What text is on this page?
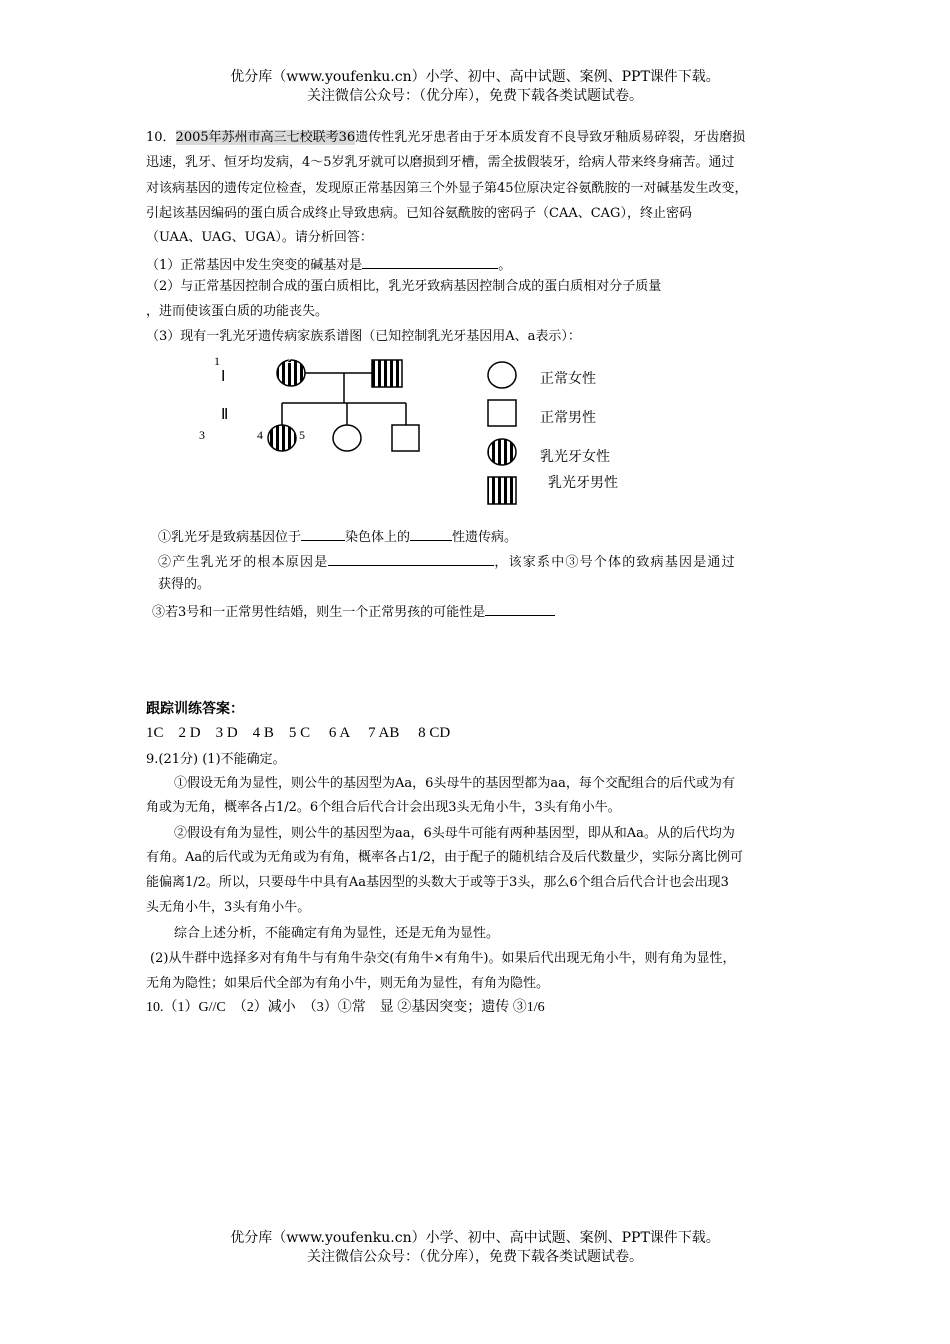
优分库（www.youfenku.cn）小学、初中、高中试题、案例、PPT课件下载。
关注微信公众号：（优分库），免费下载各类试题试卷。
10．2005年苏州市高三七校联考36遗传性乳光牙患者由于牙本质发育不良导致牙釉质易碎裂，牙齿磨损
迅速，乳牙、恒牙均发病，4～5岁乳牙就可以磨损到牙槽，需全拔假装牙，给病人带来终身痛苦。通过
对该病基因的遗传定位检查，发现原正常基因第三个外显子第45位原决定谷氨酰胺的一对碱基发生改变，
引起该基因编码的蛋白质合成终止导致患病。已知谷氨酰胺的密码子（CAA、CAG），终止密码
（UAA、UAG、UGA）。请分析回答：
（1）正常基因中发生突变的碱基对是	。
（2）与正常基因控制合成的蛋白质相比，乳光牙致病基因控制合成的蛋白质相对分子质量
，进而使该蛋白质的功能丧失。
（3）现有一乳光牙遗传病家族系谱图（已知控制乳光牙基因用A、a表示）：
1	2
Ⅰ
Ⅱ
3	4	5
正常女性
正常男性
乳光牙女性
乳光牙男性
①乳光牙是致病基因位于	染色体上的	性遗传病。
②产生乳光牙的根本原因是	，该家系中③号个体的致病基因是通过
获得的。
③若3号和一正常男性结婚，则生一个正常男孩的可能性是
跟踪训练答案：
1C　2 D　3 D　4 B　5 C　 6 A　 7 AB　 8 CD
9.(21分) (1)不能确定。
①假设无角为显性，则公牛的基因型为Aa，6头母牛的基因型都为aa，每个交配组合的后代或为有
角或为无角，概率各占1/2。6个组合后代合计会出现3头无角小牛，3头有角小牛。
②假设有角为显性，则公牛的基因型为aa，6头母牛可能有两种基因型，即从和Aa。从的后代均为
有角。Aa的后代或为无角或为有角，概率各占1/2，由于配子的随机结合及后代数量少，实际分离比例可
能偏离1/2。所以，只要母牛中具有Aa基因型的头数大于或等于3头，那么6个组合后代合计也会出现3
头无角小牛，3头有角小牛。
综合上述分析，不能确定有角为显性，还是无角为显性。
(2)从牛群中选择多对有角牛与有角牛杂交(有角牛×有角牛)。如果后代出现无角小牛，则有角为显性，
无角为隐性；如果后代全部为有角小牛，则无角为显性，有角为隐性。
10.（1）G//C　（2）减小　（3）①常　显 ②基因突变；遗传 ③1/6
优分库（www.youfenku.cn）小学、初中、高中试题、案例、PPT课件下载。
关注微信公众号：（优分库），免费下载各类试题试卷。
